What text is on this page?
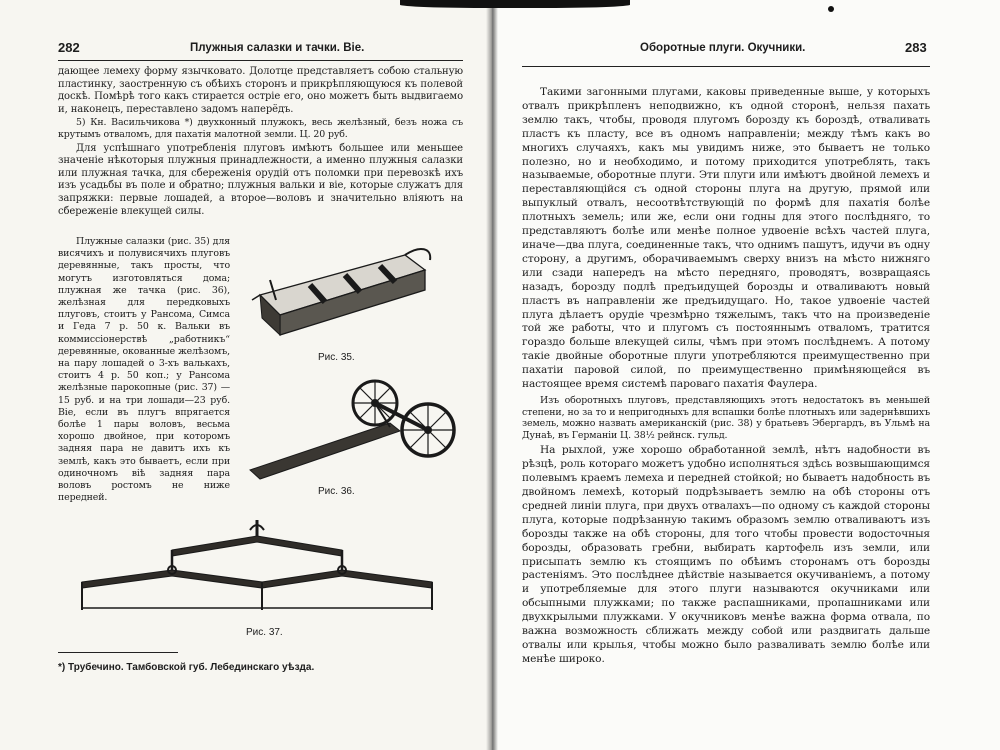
282	Плужныя салазки и тачки. Віе.

дающее лемеху форму язычковато. Долотце представляетъ собою стальную пластинку, заостренную съ обѣихъ сторонъ и прикрѣпляющуюся къ полевой доскѣ. Помѣрѣ того какъ стирается острiе его, оно можетъ быть выдвигаемо и, наконецъ, переставлено задомъ наперёдъ.

5) Кн. Васильчикова *) двухконный плужокъ, весь желѣзный, безъ ножа съ крутымъ отваломъ, для пахатія малотной земли. Ц. 20 руб.

Для успѣшнаго употребленія плуговъ имѣютъ большее или меньшее значеніе нѣкоторыя плужныя принадлежности, а именно плужныя салазки или плужная тачка, для сбереженія орудій отъ поломки при перевозкѣ ихъ изъ усадьбы въ поле и обратно; плужныя вальки и віе, которые служатъ для запряжки: первые лошадей, а второе—воловъ и значительно вліяютъ на сбереженіе влекущей силы.

Плужные салазки (рис. 35) для висячихъ и полувисячихъ плуговъ деревянные, такъ просты, что могутъ изготовляться дома; плужная же тачка (рис. 36), желѣзная для передковыхъ плуговъ, стоитъ у Рансома, Симса и Геда 7 р. 50 к. Вальки въ коммиссіонерствѣ „работникъ“ деревянные, окованные желѣзомъ, на пару лошадей о 3-хъ валькахъ, стоитъ 4 р. 50 коп.; у Рансома желѣзные парокопные (рис. 37) — 15 руб. и на три лошади—23 руб. Віе, если въ плугъ впрягается болѣе 1 пары воловъ, весьма хорошо двойное, при которомъ задняя пара не давитъ ихъ къ землѣ, какъ это бываетъ, если при одиночномъ віѣ задняя пара воловъ ростомъ не ниже передней.

Рис. 35.
Рис. 36.
Рис. 37.
*) Трубечино. Тамбовской губ. Лебединскаго уѣзда.
Оборотные плуги. Окучники.	283

Такими загонными плугами, каковы приведенные выше, у которыхъ отвалъ прикрѣпленъ неподвижно, къ одной сторонѣ, нельзя пахать землю такъ, чтобы, проводя плугомъ борозду къ бороздѣ, отваливать пластъ къ пласту, все въ одномъ направленіи; между тѣмъ какъ во многихъ случаяхъ, какъ мы увидимъ ниже, это бываетъ не только полезно, но и необходимо, и потому приходится употреблять, такъ называемые, оборотные плуги. Эти плуги или имѣютъ двойной лемехъ и переставляющійся съ одной стороны плуга на другую, прямой или выпуклый отвалъ, несоотвѣтствующій по формѣ для пахатія болѣе плотныхъ земель; или же, если они годны для этого послѣдняго, то представляютъ болѣе или менѣе полное удвоеніе всѣхъ частей плуга, иначе—два плуга, соединенные такъ, что однимъ пашутъ, идучи въ одну сторону, а другимъ, оборачиваемымъ сверху внизъ на мѣсто нижняго или сзади напередъ на мѣсто передняго, проводятъ, возвращаясь назадъ, борозду подлѣ предъидущей борозды и отваливаютъ новый пластъ въ направленіи же предъидущаго. Но, такое удвоеніе частей плуга дѣлаетъ орудіе чрезмѣрно тяжелымъ, такъ что на произведеніе той же работы, что и плугомъ съ постояннымъ отваломъ, тратится гораздо больше влекущей силы, чѣмъ при этомъ послѣднемъ. А потому такіе двойные оборотные плуги употребляются преимущественно при пахатіи паровой силой, по преимущественно примѣняющейся въ настоящее время системѣ пароваго пахатія Фаулера.

Изъ оборотныхъ плуговъ, представляющихъ этотъ недостатокъ въ меньшей степени, но за то и непригодныхъ для вспашки болѣе плотныхъ или задернѣвшихъ земель, можно назвать американскій (рис. 38) у братьевъ Эбергардъ, въ Ульмѣ на Дунаѣ, въ Германіи Ц. 38½ рейнск. гульд.

На рыхлой, уже хорошо обработанной землѣ, нѣтъ надобности въ рѣзцѣ, роль котораго можетъ удобно исполняться здѣсь возвышающимся полевымъ краемъ лемеха и передней стойкой; но бываетъ надобность въ двойномъ лемехѣ, который подрѣзываетъ землю на обѣ стороны отъ средней линіи плуга, при двухъ отвалахъ—по одному съ каждой стороны плуга, которые подрѣзанную такимъ образомъ землю отваливаютъ изъ борозды также на обѣ стороны, для того чтобы провести водосточныя борозды, образовать гребни, выбирать картофель изъ земли, или присыпать землю къ стоящимъ по обѣимъ сторонамъ отъ борозды растеніямъ. Это послѣднее дѣйствіе называется окучиваніемъ, а потому и употребляемые для этого плуги называются окучниками или обсыпными плужками; по также распашниками, пропашниками или двухкрылыми плужками. У окучниковъ менѣе важна форма отвала, по важна возможность сближать между собой или раздвигать дальше отвалы или крылья, чтобы можно было разваливать землю болѣе или менѣе широко.
